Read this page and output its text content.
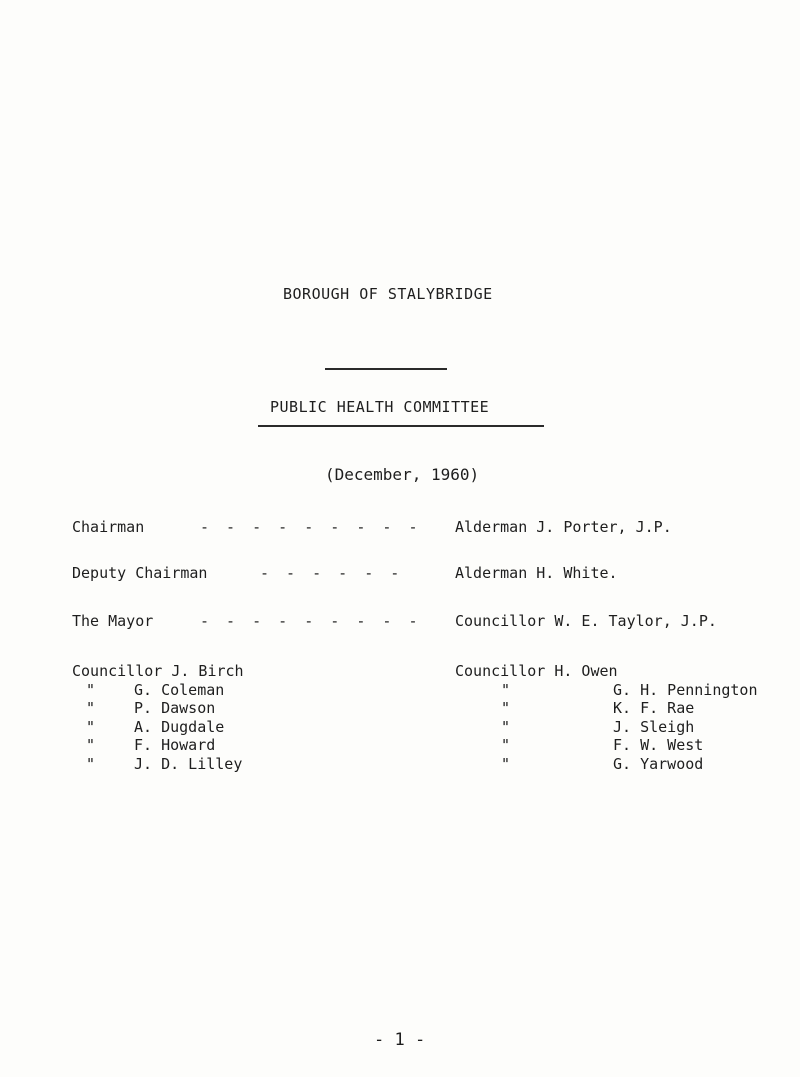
BOROUGH OF STALYBRIDGE
PUBLIC HEALTH COMMITTEE
(December, 1960)
Chairman	- - - - - - - - - Alderman J. Porter, J.P.
Deputy Chairman	- - - - - -	Alderman H. White.
The Mayor	- - - - - - - - - Councillor W. E. Taylor, J.P.
Councillor J. Birch
"	G. Coleman
"	P. Dawson
"	A. Dugdale
"	F. Howard
"	J. D. Lilley
Councillor H. Owen
"	G. H. Pennington
"	K. F. Rae
"	J. Sleigh
"	F. W. West
"	G. Yarwood
- 1 -
